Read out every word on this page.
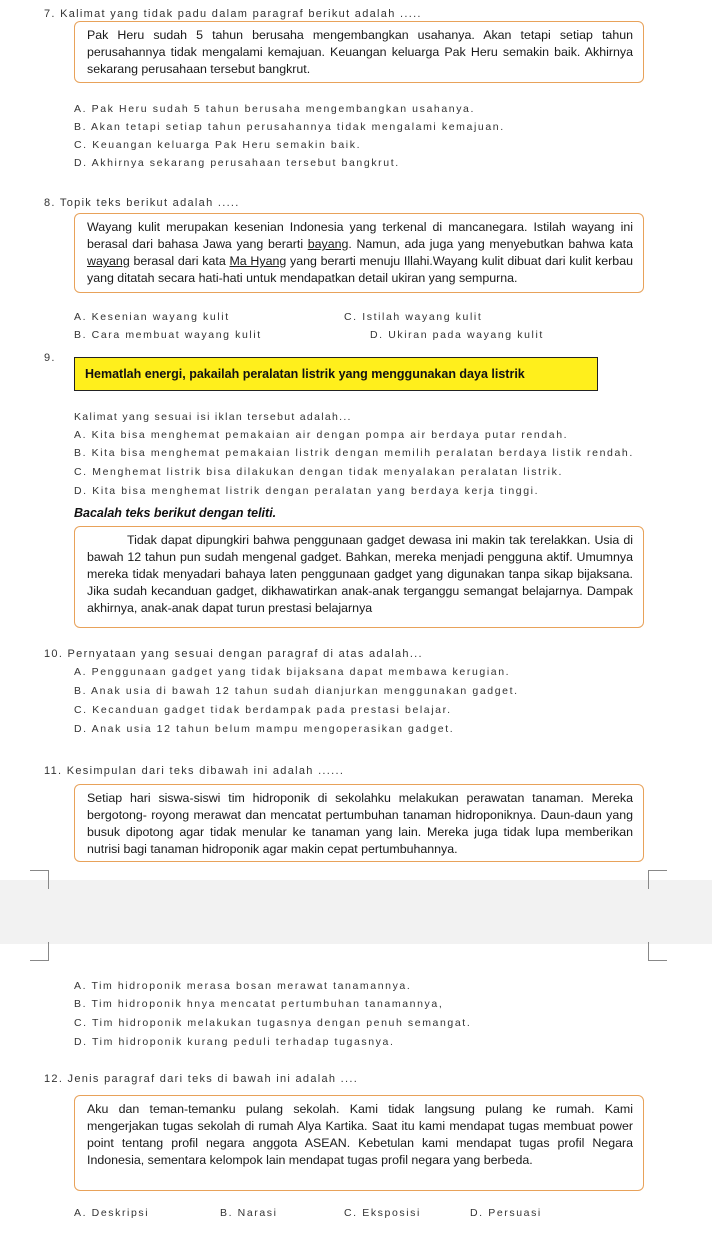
7. Kalimat yang tidak padu dalam paragraf berikut adalah .....

Pak Heru sudah 5 tahun berusaha mengembangkan usahanya. Akan tetapi setiap tahun perusahannya tidak mengalami kemajuan. Keuangan keluarga Pak Heru semakin baik. Akhirnya sekarang perusahaan tersebut bangkrut.

A. Pak Heru sudah 5 tahun berusaha mengembangkan usahanya.
B. Akan tetapi setiap tahun perusahannya tidak mengalami kemajuan.
C. Keuangan keluarga Pak Heru semakin baik.
D. Akhirnya sekarang perusahaan tersebut bangkrut.
8. Topik teks berikut adalah .....

Wayang kulit merupakan kesenian Indonesia yang terkenal di mancanegara. Istilah wayang ini berasal dari bahasa Jawa yang berarti bayang. Namun, ada juga yang menyebutkan bahwa kata wayang berasal dari kata Ma Hyang yang berarti menuju Illahi.Wayang kulit dibuat dari kulit kerbau yang ditatah secara hati-hati untuk mendapatkan detail ukiran yang sempurna.

A. Kesenian wayang kulit	C. Istilah wayang kulit
B. Cara membuat wayang kulit	D. Ukiran pada wayang kulit
9.
Hematlah energi, pakailah peralatan listrik yang menggunakan daya listrik
Kalimat yang sesuai isi iklan tersebut adalah...
A. Kita bisa menghemat pemakaian air dengan pompa air berdaya putar rendah.
B. Kita bisa menghemat pemakaian listrik dengan memilih peralatan berdaya listik rendah.
C. Menghemat listrik bisa dilakukan dengan tidak menyalakan peralatan listrik.
D. Kita bisa menghemat listrik dengan peralatan yang berdaya kerja tinggi.
Bacalah teks berikut dengan teliti.

Tidak dapat dipungkiri bahwa penggunaan gadget dewasa ini makin tak terelakkan. Usia di bawah 12 tahun pun sudah mengenal gadget. Bahkan, mereka menjadi pengguna aktif. Umumnya mereka tidak menyadari bahaya laten penggunaan gadget yang digunakan tanpa sikap bijaksana. Jika sudah kecanduan gadget, dikhawatirkan anak-anak terganggu semangat belajarnya. Dampak akhirnya, anak-anak dapat turun prestasi belajarnya

10. Pernyataan yang sesuai dengan paragraf di atas adalah...
A. Penggunaan gadget yang tidak bijaksana dapat membawa kerugian.
B. Anak usia di bawah 12 tahun sudah dianjurkan menggunakan gadget.
C. Kecanduan gadget tidak berdampak pada prestasi belajar.
D. Anak usia 12 tahun belum mampu mengoperasikan gadget.
11. Kesimpulan dari teks dibawah ini adalah ......

Setiap hari siswa-siswi tim hidroponik di sekolahku melakukan perawatan tanaman. Mereka bergotong- royong merawat dan mencatat pertumbuhan tanaman hidroponiknya. Daun-daun yang busuk dipotong agar tidak menular ke tanaman yang lain. Mereka juga tidak lupa memberikan nutrisi bagi tanaman hidroponik agar makin cepat pertumbuhannya.

A. Tim hidroponik merasa bosan merawat tanamannya.
B. Tim hidroponik hnya mencatat pertumbuhan tanamannya,
C. Tim hidroponik melakukan tugasnya dengan penuh semangat.
D. Tim hidroponik kurang peduli terhadap tugasnya.
12. Jenis paragraf dari teks di bawah ini adalah ....

Aku dan teman-temanku pulang sekolah. Kami tidak langsung pulang ke rumah. Kami mengerjakan tugas sekolah di rumah Alya Kartika. Saat itu kami mendapat tugas membuat power point tentang profil negara anggota ASEAN. Kebetulan kami mendapat tugas profil Negara Indonesia, sementara kelompok lain mendapat tugas profil negara yang berbeda.

A. Deskripsi	B. Narasi	C. Eksposisi	D. Persuasi
